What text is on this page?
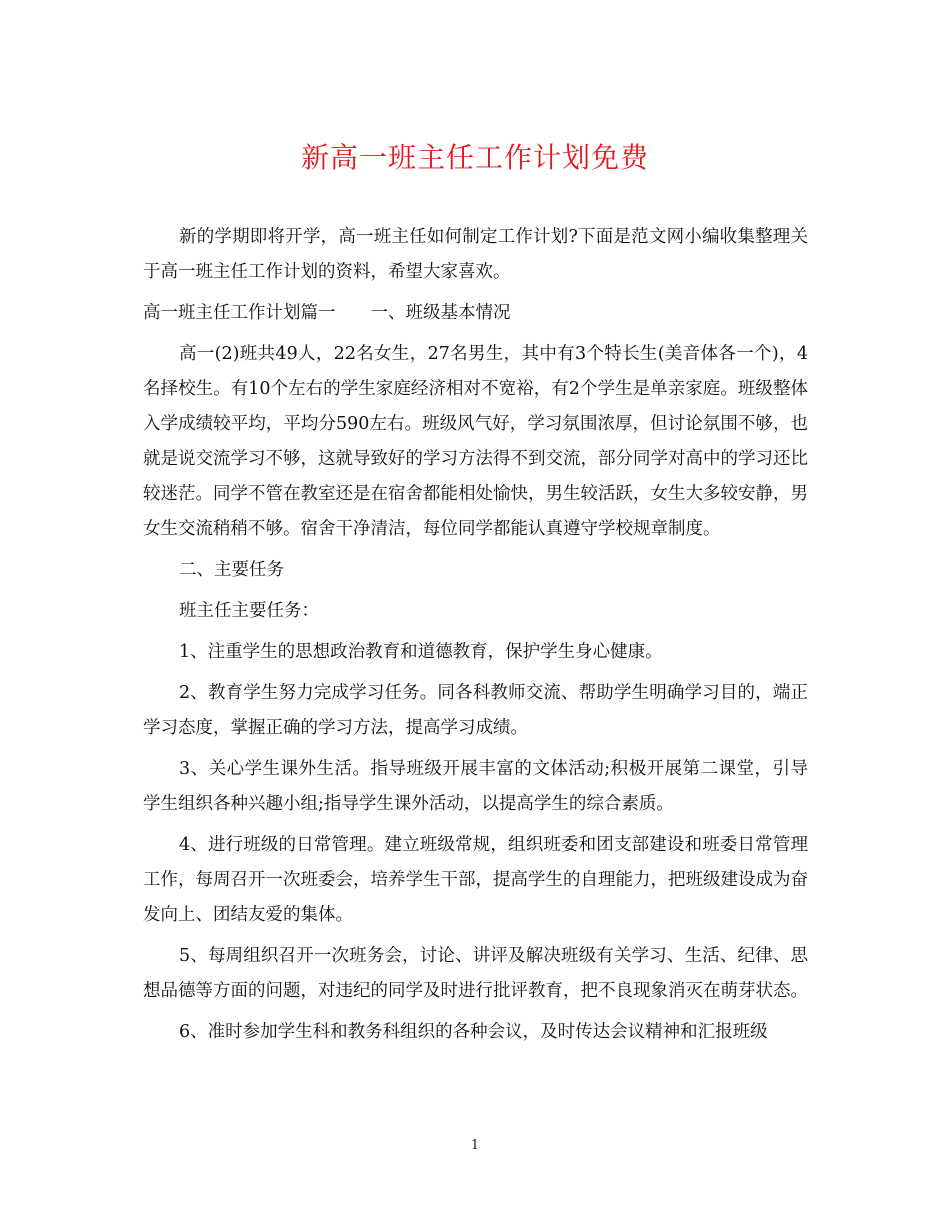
新高一班主任工作计划免费

新的学期即将开学，高一班主任如何制定工作计划?下面是范文网小编收集整理关于高一班主任工作计划的资料，希望大家喜欢。

高一班主任工作计划篇一　　一、班级基本情况

高一(2)班共49人，22名女生，27名男生，其中有3个特长生(美音体各一个)，4名择校生。有10个左右的学生家庭经济相对不宽裕，有2个学生是单亲家庭。班级整体入学成绩较平均，平均分590左右。班级风气好，学习氛围浓厚，但讨论氛围不够，也就是说交流学习不够，这就导致好的学习方法得不到交流，部分同学对高中的学习还比较迷茫。同学不管在教室还是在宿舍都能相处愉快，男生较活跃，女生大多较安静，男女生交流稍稍不够。宿舍干净清洁，每位同学都能认真遵守学校规章制度。

二、主要任务

班主任主要任务：

1、注重学生的思想政治教育和道德教育，保护学生身心健康。

2、教育学生努力完成学习任务。同各科教师交流、帮助学生明确学习目的，端正学习态度，掌握正确的学习方法，提高学习成绩。

3、关心学生课外生活。指导班级开展丰富的文体活动;积极开展第二课堂，引导学生组织各种兴趣小组;指导学生课外活动，以提高学生的综合素质。

4、进行班级的日常管理。建立班级常规，组织班委和团支部建设和班委日常管理工作，每周召开一次班委会，培养学生干部，提高学生的自理能力，把班级建设成为奋发向上、团结友爱的集体。

5、每周组织召开一次班务会，讨论、讲评及解决班级有关学习、生活、纪律、思想品德等方面的问题，对违纪的同学及时进行批评教育，把不良现象消灭在萌芽状态。

6、准时参加学生科和教务科组织的各种会议，及时传达会议精神和汇报班级

1
